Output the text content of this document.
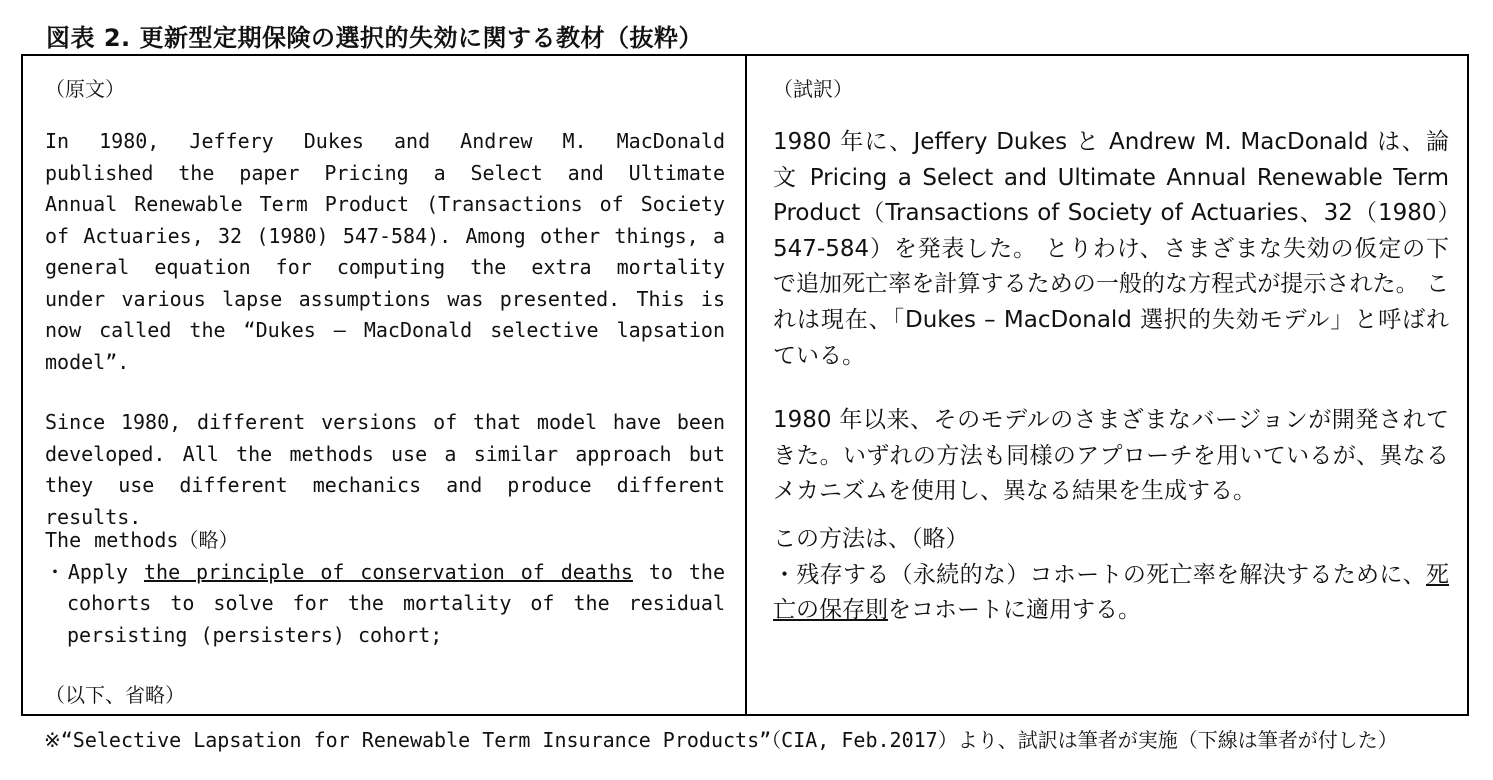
図表 2. 更新型定期保険の選択的失効に関する教材（抜粋）
（原文）
In 1980, Jeffery Dukes and Andrew M. MacDonald published the paper Pricing a Select and Ultimate Annual Renewable Term Product (Transactions of Society of Actuaries, 32 (1980) 547-584). Among other things, a general equation for computing the extra mortality under various lapse assumptions was presented. This is now called the “Dukes – MacDonald selective lapsation model”.
Since 1980, different versions of that model have been developed. All the methods use a similar approach but they use different mechanics and produce different results.
The methods（略）
・Apply the principle of conservation of deaths to the cohorts to solve for the mortality of the residual persisting (persisters) cohort;
（以下、省略）
（試訳）
1980 年に、Jeffery Dukes と Andrew M. MacDonald は、論文 Pricing a Select and Ultimate Annual Renewable Term Product（Transactions of Society of Actuaries、32（1980）547-584）を発表した。 とりわけ、さまざまな失効の仮定の下で追加死亡率を計算するための一般的な方程式が提示された。 これは現在、「Dukes – MacDonald 選択的失効モデル」と呼ばれている。
1980 年以来、そのモデルのさまざまなバージョンが開発されてきた。いずれの方法も同様のアプローチを用いているが、異なるメカニズムを使用し、異なる結果を生成する。
この方法は、（略）
・残存する（永続的な）コホートの死亡率を解決するために、死亡の保存則をコホートに適用する。
※“Selective Lapsation for Renewable Term Insurance Products”（CIA, Feb.2017）より、試訳は筆者が実施（下線は筆者が付した）
